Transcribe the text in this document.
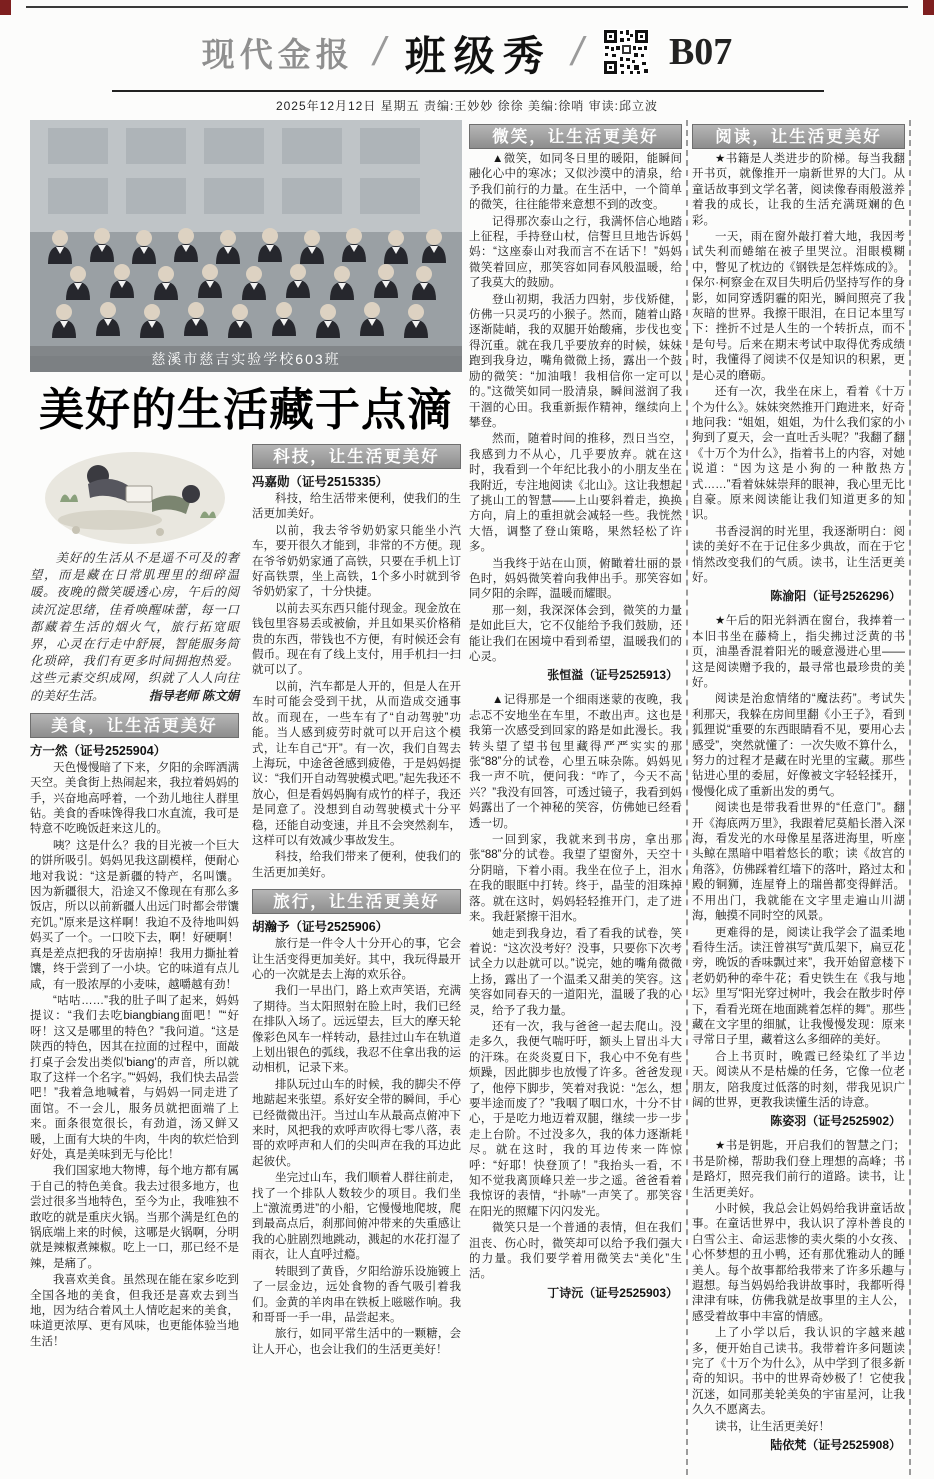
现代金报 / 班级秀 / B07
2025年12月12日 星期五 责编:王妙妙 徐徐 美编:徐哨 审读:邱立波
慈溪市慈吉实验学校603班
美好的生活藏于点滴

美好的生活从不是遥不可及的奢望，而是藏在日常肌理里的细碎温暖。夜晚的微笑暖透心房，午后的阅读沉淀思绪，佳肴唤醒味蕾，每一口都藏着生活的烟火气，旅行拓宽眼界，心灵在行走中舒展，智能服务简化琐碎，我们有更多时间拥抱热爱。这些元素交织成网，织就了人人向往的美好生活。	指导老师 陈文娟

美食，让生活更美好
方一然（证号2525904）

天色慢慢暗了下来，夕阳的余晖洒满天空。美食街上热闹起来，我拉着妈妈的手，兴奋地高呼着，一个劲儿地往人群里钻。美食的香味馋得我口水直流，我可是特意不吃晚饭赶来这儿的。

咦？这是什么？我的目光被一个巨大的饼所吸引。妈妈见我这副模样，便耐心地对我说：“这是新疆的特产，名叫馕。因为新疆很大，沿途又不像现在有那么多饭店，所以以前新疆人出远门时都会带馕充饥。”原来是这样啊！我迫不及待地叫妈妈买了一个。一口咬下去，啊！好硬啊！真是差点把我的牙齿崩掉！我用力撕扯着馕，终于尝到了一小块。它的味道有点儿咸，有一股浓厚的小麦味，越嚼越有劲！

“咕咕……”我的肚子叫了起来，妈妈提议：“我们去吃biangbiang面吧！”“好呀！这又是哪里的特色？”我问道。“这是陕西的特色，因其在拉面的过程中，面敲打桌子会发出类似'biang'的声音，所以就取了这样一个名字。”“妈妈，我们快去品尝吧！”我着急地喊着，与妈妈一同走进了面馆。不一会儿，服务员就把面端了上来。面条很宽很长，有劲道，汤又鲜又暖，上面有大块的牛肉，牛肉的软烂恰到好处，真是美味到无与伦比！

我们国家地大物博，每个地方都有属于自己的特色美食。我去过很多地方，也尝过很多当地特色，至今为止，我唯独不敢吃的就是重庆火锅。当那个满是红色的锅底端上来的时候，这哪是火锅啊，分明就是辣椒煮辣椒。吃上一口，那已经不是辣，是痛了。

我喜欢美食。虽然现在能在家乡吃到全国各地的美食，但我还是喜欢去到当地，因为结合着风土人情吃起来的美食，味道更浓厚、更有风味，也更能体验当地生活！

科技，让生活更美好
冯嘉勋（证号2515335）

科技，给生活带来便利，使我们的生活更加美好。

以前，我去爷爷奶奶家只能坐小汽车，要开很久才能到，非常的不方便。现在爷爷奶奶家通了高铁，只要在手机上订好高铁票，坐上高铁，1个多小时就到爷爷奶奶家了，十分快捷。

以前去买东西只能付现金。现金放在钱包里容易丢或被偷，并且如果买价格稍贵的东西，带钱也不方便，有时候还会有假币。现在有了线上支付，用手机扫一扫就可以了。

以前，汽车都是人开的，但是人在开车时可能会受到干扰，从而造成交通事故。而现在，一些车有了“自动驾驶”功能。当人感到疲劳时就可以开启这个模式，让车自己“开”。有一次，我们自驾去上海玩，中途爸爸感到疲倦，于是妈妈提议：“我们开自动驾驶模式吧。”起先我还不放心，但是看妈妈胸有成竹的样子，我还是同意了。没想到自动驾驶模式十分平稳，还能自动变速，并且不会突然刹车，这样可以有效减少事故发生。

科技，给我们带来了便利，使我们的生活更加美好。

旅行，让生活更美好
胡瀚予（证号2525906）

旅行是一件令人十分开心的事，它会让生活变得更加美好。其中，我玩得最开心的一次就是去上海的欢乐谷。

我们一早出门，路上欢声笑语，充满了期待。当太阳照射在脸上时，我们已经在排队入场了。远远望去，巨大的摩天轮像彩色风车一样转动，悬挂过山车在轨道上划出银色的弧线，我忍不住拿出我的运动相机，记录下来。

排队玩过山车的时候，我的脚尖不停地踮起来张望。系好安全带的瞬间，手心已经微微出汗。当过山车从最高点俯冲下来时，风把我的欢呼声吹得七零八落，表哥的欢呼声和人们的尖叫声在我的耳边此起彼伏。

坐完过山车，我们顺着人群往前走，找了一个排队人数较少的项目。我们坐上“激流勇进”的小船，它慢慢地爬坡，爬到最高点后，刹那间俯冲带来的失重感让我的心脏剧烈地跳动，溅起的水花打湿了雨衣，让人直呼过瘾。

转眼到了黄昏，夕阳给游乐设施镀上了一层金边，远处食物的香气吸引着我们。金黄的羊肉串在铁板上嗞嗞作响。我和哥哥一手一串，品尝起来。

旅行，如同平常生活中的一颗糖，会让人开心，也会让我们的生活更美好！

微笑，让生活更美好

▲微笑，如同冬日里的暖阳，能瞬间融化心中的寒冰；又似沙漠中的清泉，给予我们前行的力量。在生活中，一个简单的微笑，往往能带来意想不到的改变。

记得那次泰山之行，我满怀信心地踏上征程，手持登山杖，信誓旦旦地告诉妈妈：“这座泰山对我而言不在话下！”妈妈微笑着回应，那笑容如同春风般温暖，给了我莫大的鼓励。

登山初期，我活力四射，步伐矫健，仿佛一只灵巧的小猴子。然而，随着山路逐渐陡峭，我的双腿开始酸痛，步伐也变得沉重。就在我几乎要放弃的时候，妹妹跑到我身边，嘴角微微上扬，露出一个鼓励的微笑：“加油哦！我相信你一定可以的。”这微笑如同一股清泉，瞬间滋润了我干涸的心田。我重新振作精神，继续向上攀登。

然而，随着时间的推移，烈日当空，我感到力不从心，几乎要放弃。就在这时，我看到一个年纪比我小的小朋友坐在我附近，专注地阅读《北山》。这让我想起了挑山工的智慧——上山要斜着走，换换方向，肩上的重担就会减轻一些。我恍然大悟，调整了登山策略，果然轻松了许多。

当我终于站在山顶，俯瞰着壮丽的景色时，妈妈微笑着向我伸出手。那笑容如同夕阳的余晖，温暖而耀眼。

那一刻，我深深体会到，微笑的力量是如此巨大，它不仅能给予我们鼓励，还能让我们在困境中看到希望，温暖我们的心灵。

张恒溢（证号2525913）

▲记得那是一个细雨迷蒙的夜晚，我忐忑不安地坐在车里，不敢出声。这也是我第一次感受到回家的路是如此漫长。我转头望了望书包里藏得严严实实的那张“88”分的试卷，心里五味杂陈。妈妈见我一声不吭，便问我：“咋了，今天不高兴？”我没有回答，可透过镜子，我看到妈妈露出了一个神秘的笑容，仿佛她已经看透一切。

一回到家，我就来到书房，拿出那张“88”分的试卷。我望了望窗外，天空十分阴暗，下着小雨。我坐在位子上，泪水在我的眼眶中打转。终于，晶莹的泪珠掉落。就在这时，妈妈轻轻推开门，走了进来。我赶紧擦干泪水。

她走到我身边，看了看我的试卷，笑着说：“这次没考好？没事，只要你下次考试全力以赴就可以。”说完，她的嘴角微微上扬，露出了一个温柔又甜美的笑容。这笑容如同春天的一道阳光，温暖了我的心灵，给予了我力量。

还有一次，我与爸爸一起去爬山。没走多久，我便气喘吁吁，额头上冒出斗大的汗珠。在炎炎夏日下，我心中不免有些烦躁，因此脚步也放慢了许多。爸爸发现了，他停下脚步，笑着对我说：“怎么，想要半途而废了？”我咽了咽口水，十分不甘心，于是吃力地迈着双腿，继续一步一步走上台阶。不过没多久，我的体力逐渐耗尽。就在这时，我的耳边传来一阵惊呼：“好耶！快登顶了！”我抬头一看，不知不觉我离顶峰只差一步之遥。爸爸看着我惊讶的表情，“扑哧”一声笑了。那笑容在阳光的照耀下闪闪发光。

微笑只是一个普通的表情，但在我们沮丧、伤心时，微笑却可以给予我们强大的力量。我们要学着用微笑去“美化”生活。

丁诗沅（证号2525903）
阅读，让生活更美好

★书籍是人类进步的阶梯。每当我翻开书页，就像推开一扇新世界的大门。从童话故事到文学名著，阅读像春雨般滋养着我的成长，让我的生活充满斑斓的色彩。

一天，雨在窗外敲打着大地，我因考试失利而蜷缩在被子里哭泣。泪眼模糊中，瞥见了枕边的《钢铁是怎样炼成的》。保尔·柯察金在双目失明后仍坚持写作的身影，如同穿透阴霾的阳光，瞬间照亮了我灰暗的世界。我擦干眼泪，在日记本里写下：挫折不过是人生的一个转折点，而不是句号。后来在期末考试中取得优秀成绩时，我懂得了阅读不仅是知识的积累，更是心灵的磨砺。

还有一次，我坐在床上，看着《十万个为什么》。妹妹突然推开门跑进来，好奇地问我：“姐姐，姐姐，为什么我们家的小狗到了夏天，会一直吐舌头呢？”我翻了翻《十万个为什么》，指着书上的内容，对她说道：“因为这是小狗的一种散热方式……”看着妹妹崇拜的眼神，我心里无比自豪。原来阅读能让我们知道更多的知识。

书香浸润的时光里，我逐渐明白：阅读的美好不在于记住多少典故，而在于它悄然改变我们的气质。读书，让生活更美好。

陈渝阳（证号2526296）

★午后的阳光斜洒在窗台，我捧着一本旧书坐在藤椅上，指尖拂过泛黄的书页，油墨香混着阳光的暖意漫进心里——这是阅读赠予我的，最寻常也最珍贵的美好。

阅读是治愈情绪的“魔法药”。考试失利那天，我躲在房间里翻《小王子》，看到狐狸说“重要的东西眼睛看不见，要用心去感受”，突然就懂了：一次失败不算什么，努力的过程才是藏在时光里的宝藏。那些钻进心里的委屈，好像被文字轻轻揉开，慢慢化成了重新出发的勇气。

阅读也是带我看世界的“任意门”。翻开《海底两万里》，我跟着尼莫船长潜入深海，看发光的水母像星星落进海里，听座头鲸在黑暗中唱着悠长的歌；读《故宫的角落》，仿佛踩着红墙下的落叶，路过太和殿的铜狮，连屋脊上的瑞兽都变得鲜活。不用出门，我就能在文字里走遍山川湖海，触摸不同时空的风景。

更难得的是，阅读让我学会了温柔地看待生活。读汪曾祺写“黄瓜架下，扁豆花旁，晚饭的香味飘过来”，我开始留意楼下老奶奶种的牵牛花；看史铁生在《我与地坛》里写“阳光穿过树叶，我会在散步时停下，看看光斑在地面跳着怎样的舞”。那些藏在文字里的细腻，让我慢慢发现：原来寻常日子里，藏着这么多细碎的美好。

合上书页时，晚霞已经染红了半边天。阅读从不是枯燥的任务，它像一位老朋友，陪我度过低落的时刻，带我见识广阔的世界，更教我读懂生活的诗意。

陈姿羽（证号2525902）

★书是钥匙，开启我们的智慧之门；书是阶梯，帮助我们登上理想的高峰；书是路灯，照亮我们前行的道路。读书，让生活更美好。

小时候，我总会让妈妈给我讲童话故事。在童话世界中，我认识了淳朴善良的白雪公主、命运悲惨的卖火柴的小女孩、心怀梦想的丑小鸭，还有那优雅动人的睡美人。每个故事都给我带来了许多乐趣与遐想。每当妈妈给我讲故事时，我都听得津津有味，仿佛我就是故事里的主人公，感受着故事中丰富的情感。

上了小学以后，我认识的字越来越多，便开始自己读书。我带着许多问题读完了《十万个为什么》，从中学到了很多新奇的知识。书中的世界奇妙极了！它使我沉迷，如同那美轮美奂的宇宙星河，让我久久不愿离去。

读书，让生活更美好！

陆依梵（证号2525908）
